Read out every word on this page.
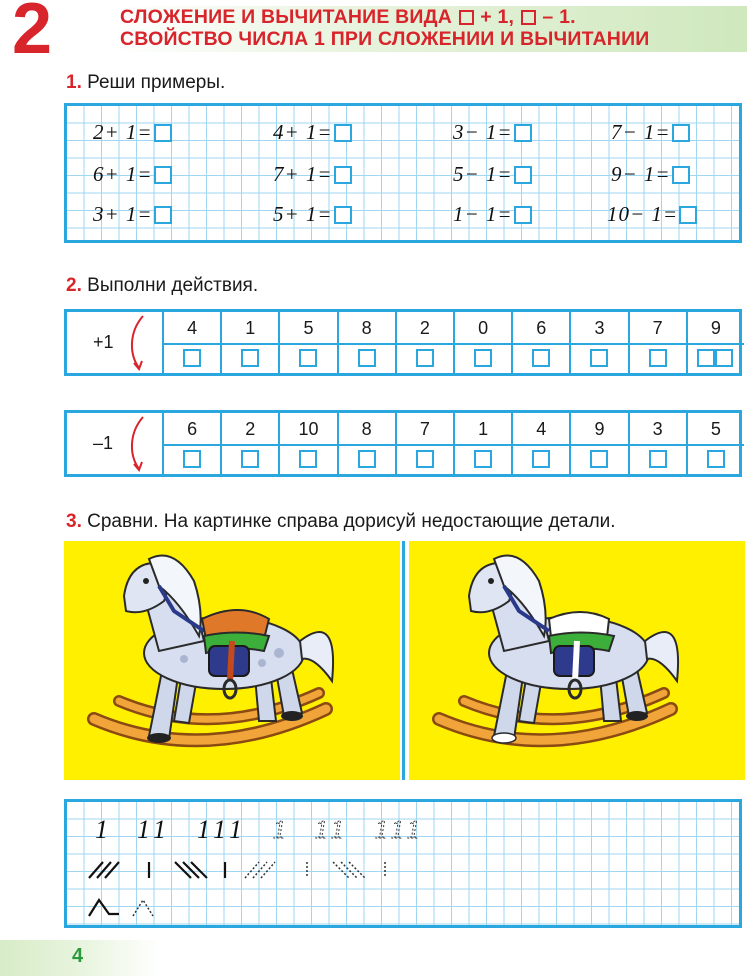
2	СЛОЖЕНИЕ И ВЫЧИТАНИЕ ВИДА + 1, – 1.
СВОЙСТВО ЧИСЛА 1 ПРИ СЛОЖЕНИИ И ВЫЧИТАНИИ
1. Реши примеры.
2+ 1=	4+ 1=	3− 1=	7− 1=
6+ 1=	7+ 1=	5− 1=	9− 1=
3+ 1=	5+ 1=	1− 1=	10− 1=
2. Выполни действия.
+1
4	1	5	8	2	0	6	3	7	9
–1
6	2	10	8	7	1	4	9	3	5
3. Сравни. На картинке справа дорисуй недостающие детали.
1 1 1 1 1 1 1 1 1 1 1 1
4
